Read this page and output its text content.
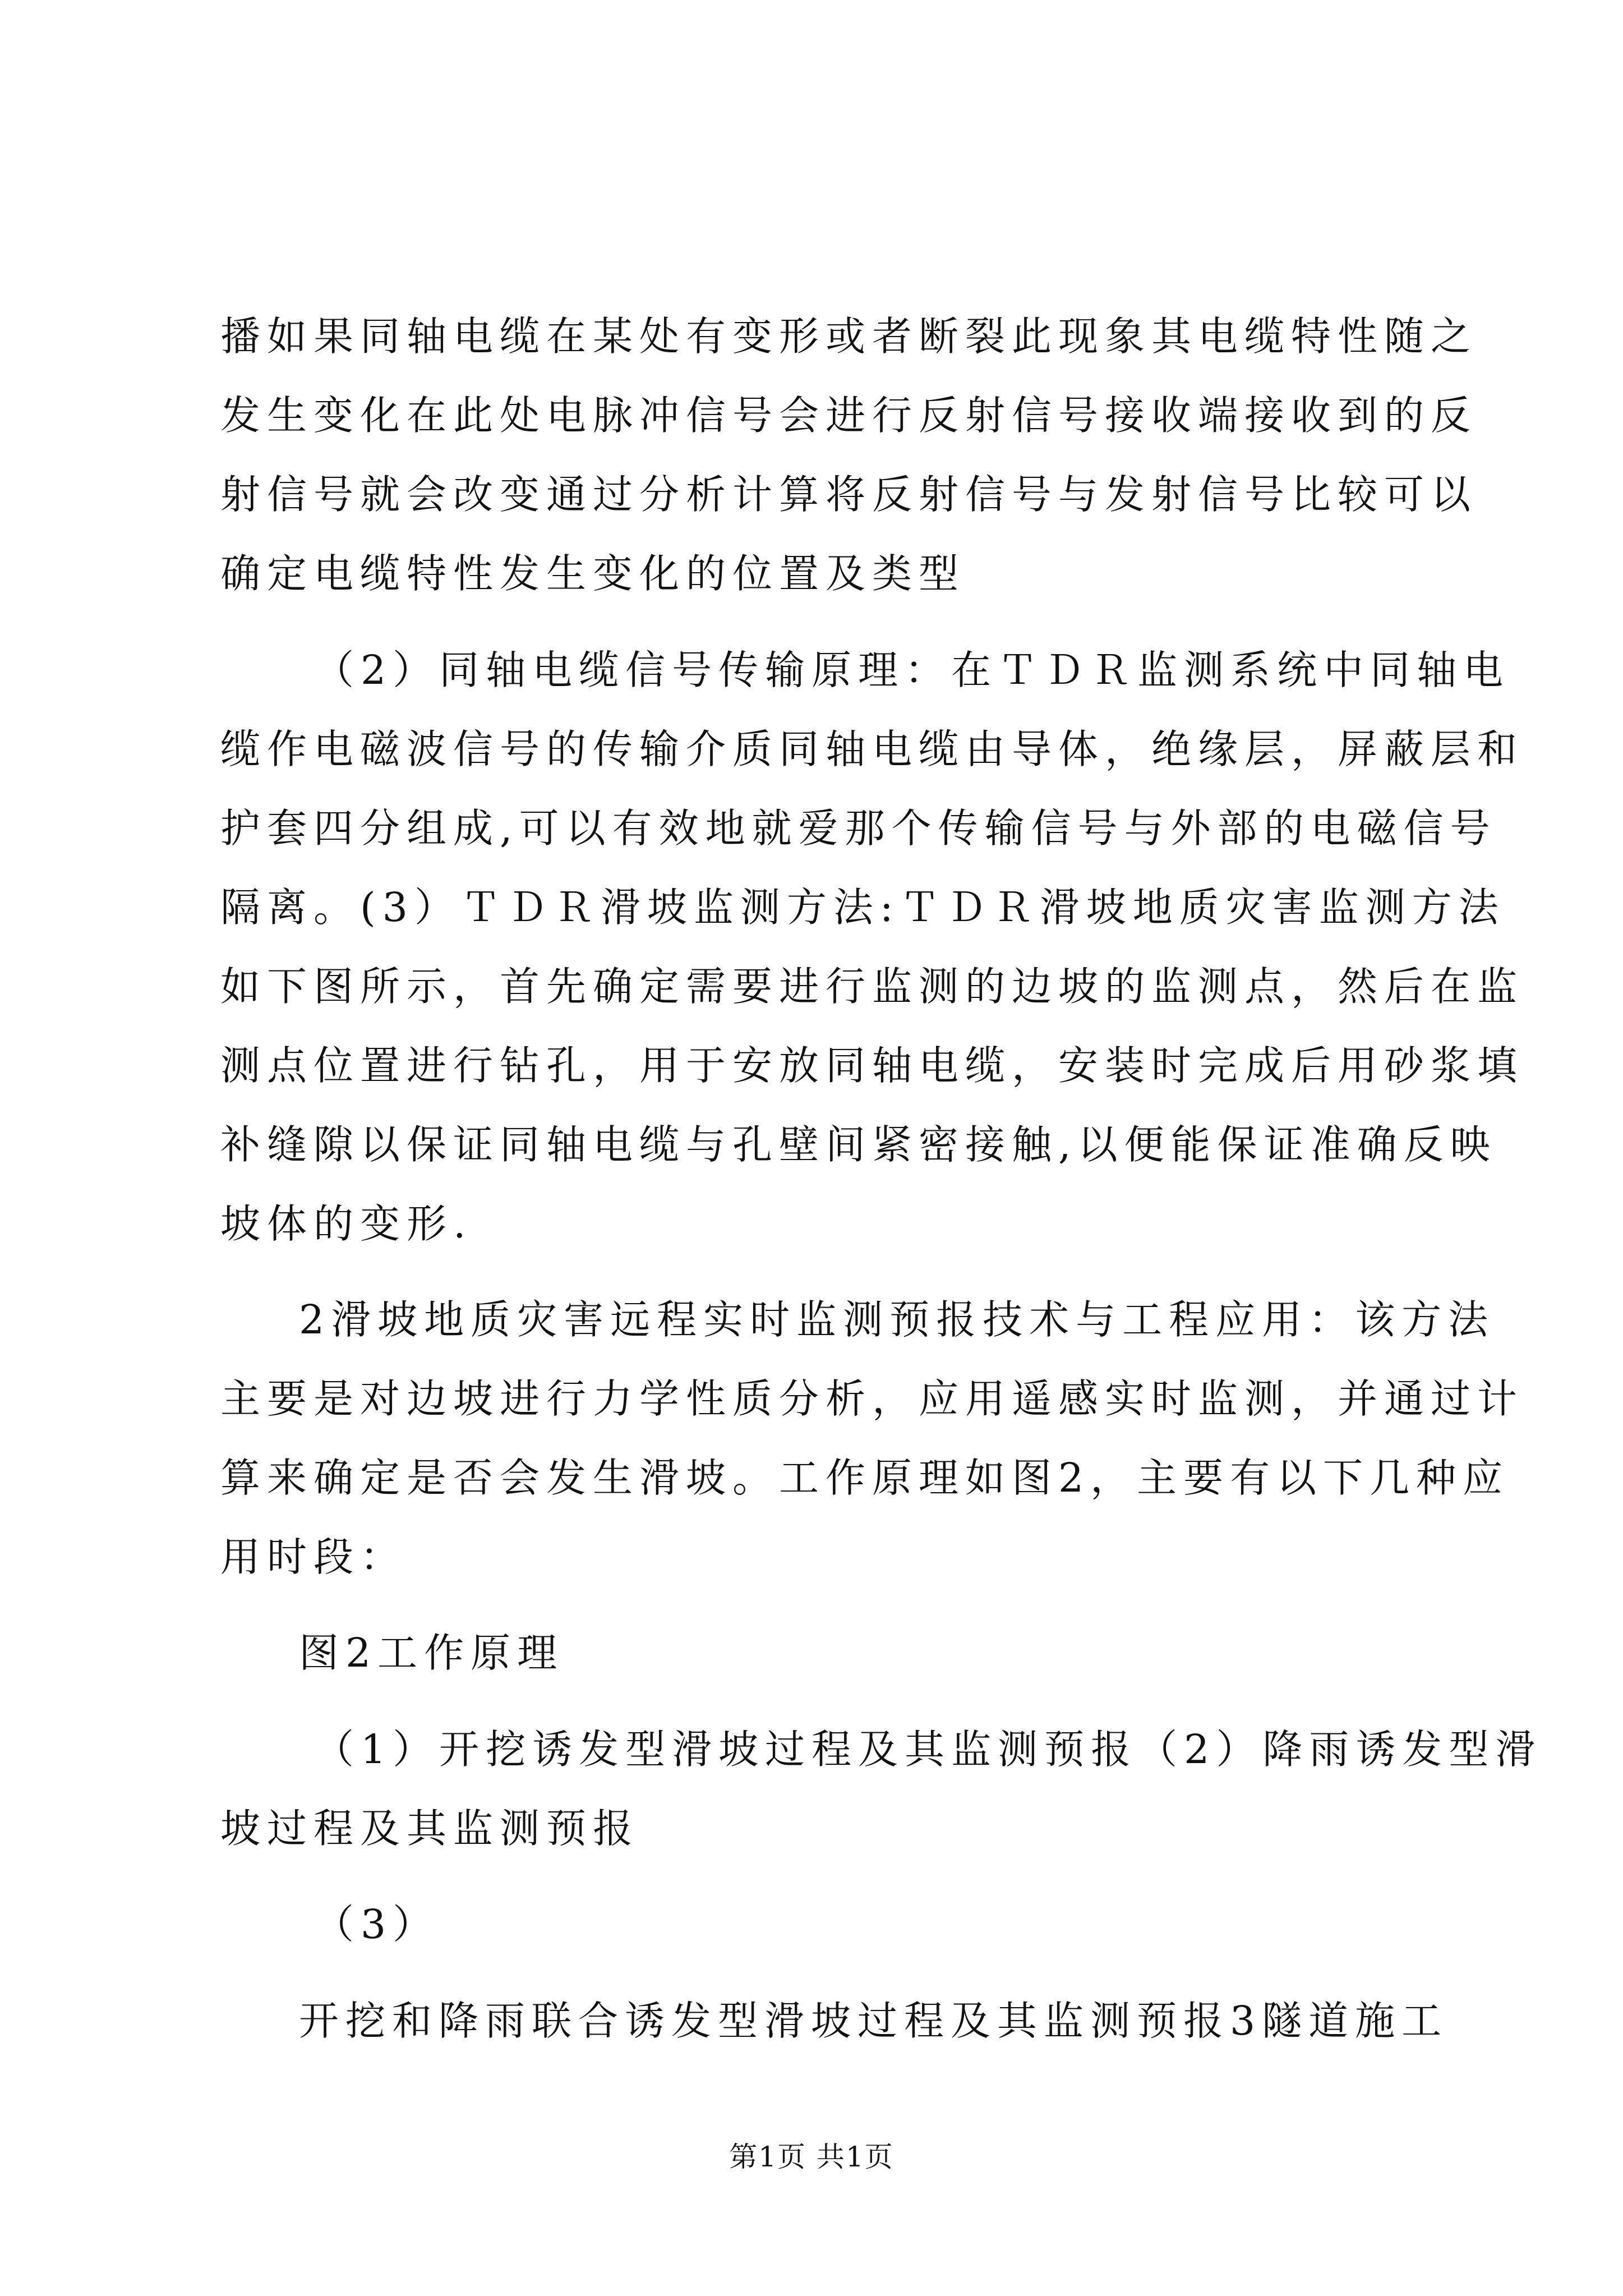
播如果同轴电缆在某处有变形或者断裂此现象其电缆特性随之
发生变化在此处电脉冲信号会进行反射信号接收端接收到的反
射信号就会改变通过分析计算将反射信号与发射信号比较可以
确定电缆特性发生变化的位置及类型
（2）同轴电缆信号传输原理：在ＴＤＲ监测系统中同轴电
缆作电磁波信号的传输介质同轴电缆由导体，绝缘层，屏蔽层和
护套四分组成,可以有效地就爱那个传输信号与外部的电磁信号
隔离。(3）ＴＤＲ滑坡监测方法:ＴＤＲ滑坡地质灾害监测方法
如下图所示，首先确定需要进行监测的边坡的监测点，然后在监
测点位置进行钻孔，用于安放同轴电缆，安装时完成后用砂浆填
补缝隙以保证同轴电缆与孔壁间紧密接触,以便能保证准确反映
坡体的变形.
2滑坡地质灾害远程实时监测预报技术与工程应用：该方法
主要是对边坡进行力学性质分析，应用遥感实时监测，并通过计
算来确定是否会发生滑坡。工作原理如图2，主要有以下几种应
用时段：
图2工作原理
（1）开挖诱发型滑坡过程及其监测预报（2）降雨诱发型滑
坡过程及其监测预报
（3）
开挖和降雨联合诱发型滑坡过程及其监测预报3隧道施工
第1页 共1页
